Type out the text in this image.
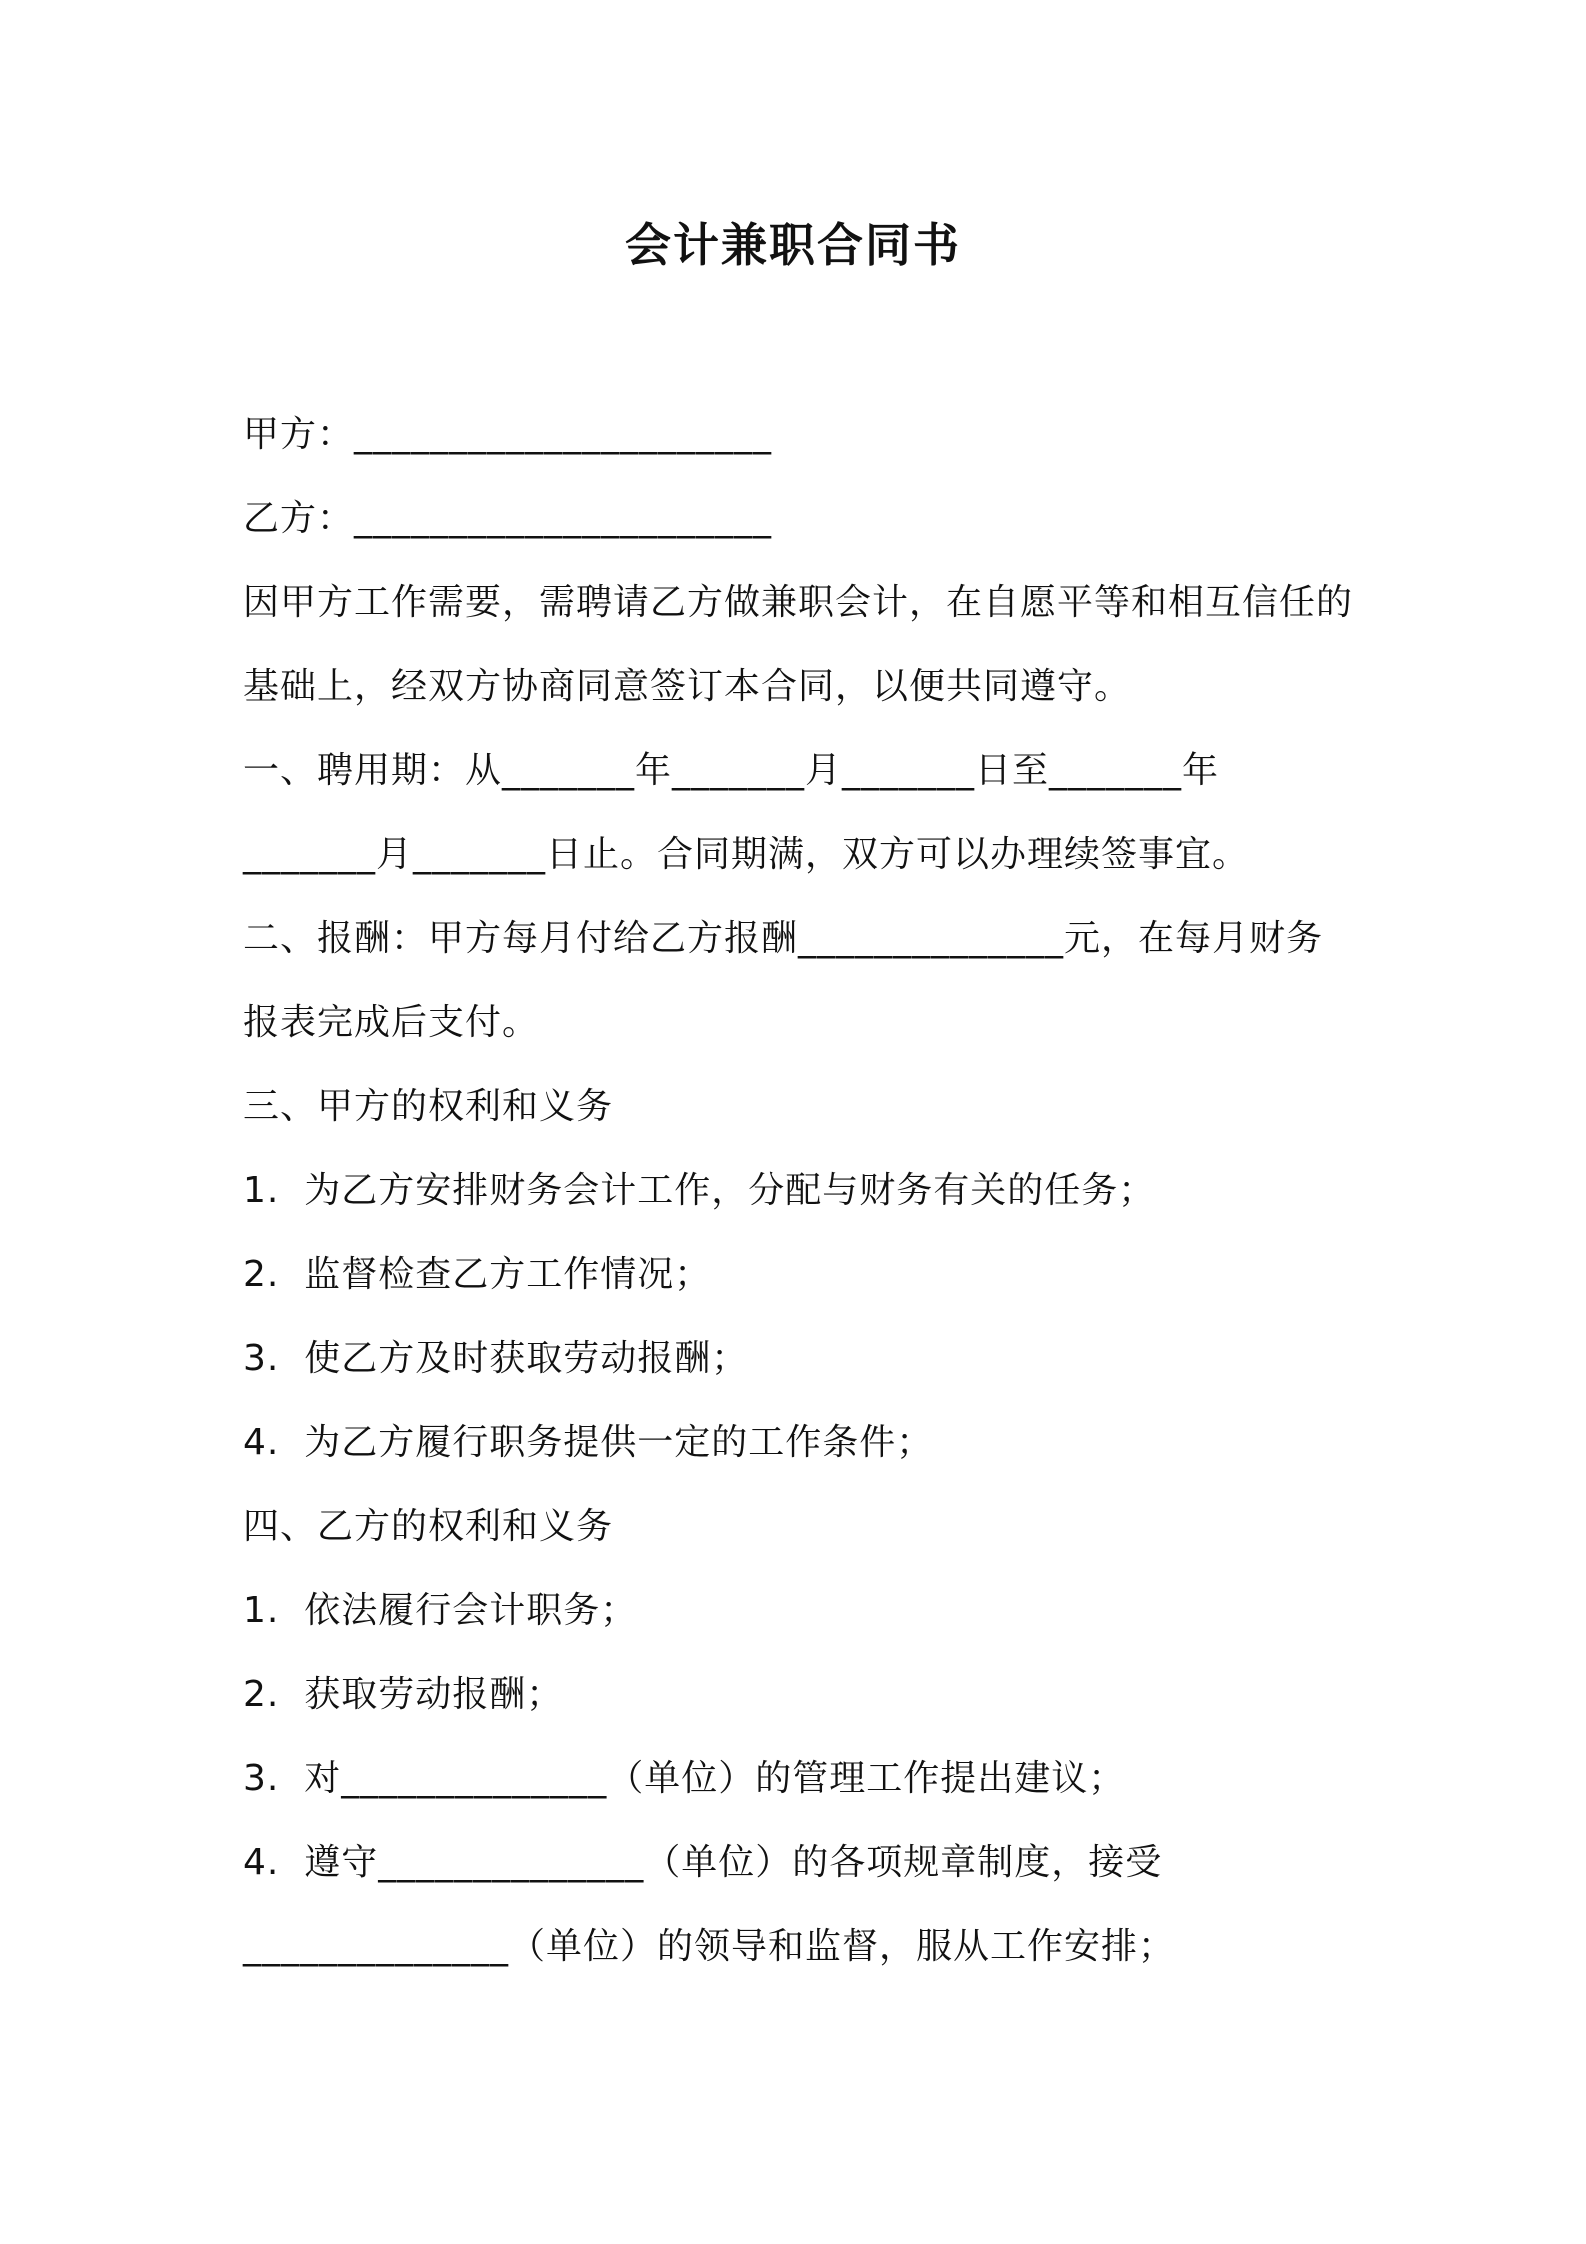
会计兼职合同书
甲方：______________________
乙方：______________________
因甲方工作需要，需聘请乙方做兼职会计，在自愿平等和相互信任的
基础上，经双方协商同意签订本合同，以便共同遵守。
一、聘用期：从_______年_______月_______日至_______年
_______月_______日止。合同期满，双方可以办理续签事宜。
二、报酬：甲方每月付给乙方报酬______________元，在每月财务
报表完成后支付。
三、甲方的权利和义务
1.  为乙方安排财务会计工作，分配与财务有关的任务；
2.  监督检查乙方工作情况；
3.  使乙方及时获取劳动报酬；
4.  为乙方履行职务提供一定的工作条件；
四、乙方的权利和义务
1.  依法履行会计职务；
2.  获取劳动报酬；
3.  对______________（单位）的管理工作提出建议；
4.  遵守______________（单位）的各项规章制度，接受
______________（单位）的领导和监督，服从工作安排；
